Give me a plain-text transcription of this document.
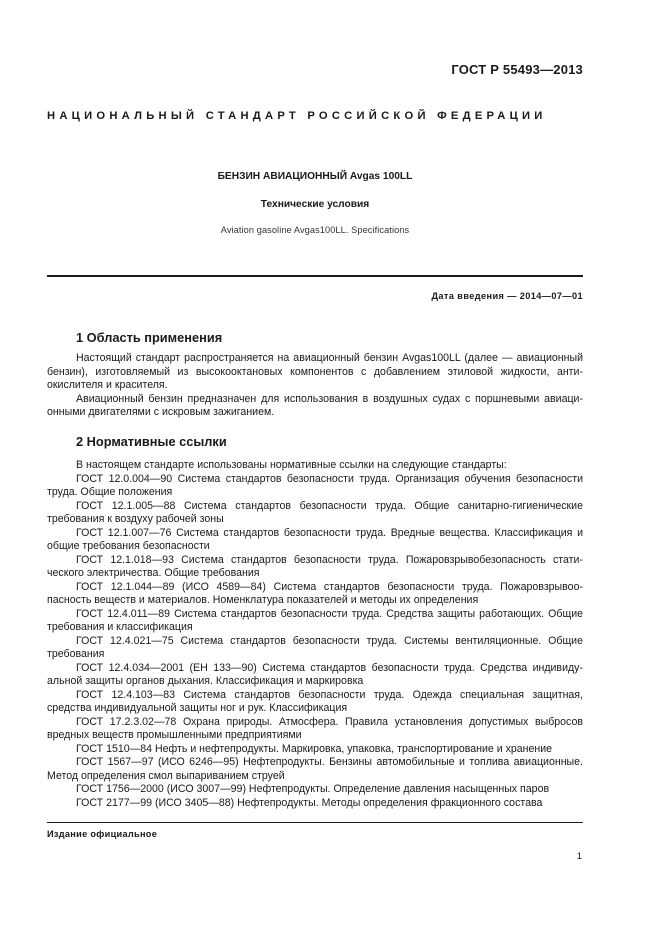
ГОСТ Р 55493—2013
НАЦИОНАЛЬНЫЙ СТАНДАРТ РОССИЙСКОЙ ФЕДЕРАЦИИ
БЕНЗИН АВИАЦИОННЫЙ Avgas 100LL
Технические условия
Aviation gasoline Avgas100LL. Specifications
Дата введения — 2014—07—01
1 Область применения

Настоящий стандарт распространяется на авиационный бензин Avgas100LL (далее — авиационный бензин), изготовляемый из высокооктановых компонентов с добавлением этиловой жидкости, антиокислителя и красителя.

Авиационный бензин предназначен для использования в воздушных судах с поршневыми авиационными двигателями с искровым зажиганием.

2 Нормативные ссылки

В настоящем стандарте использованы нормативные ссылки на следующие стандарты:

ГОСТ 12.0.004—90 Система стандартов безопасности труда. Организация обучения безопасности труда. Общие положения

ГОСТ 12.1.005—88 Система стандартов безопасности труда. Общие санитарно-гигиенические требования к воздуху рабочей зоны

ГОСТ 12.1.007—76 Система стандартов безопасности труда. Вредные вещества. Классификация и общие требования безопасности

ГОСТ 12.1.018—93 Система стандартов безопасности труда. Пожаровзрывобезопасность статического электричества. Общие требования

ГОСТ 12.1.044—89 (ИСО 4589—84) Система стандартов безопасности труда. Пожаровзрывоопасность веществ и материалов. Номенклатура показателей и методы их определения

ГОСТ 12.4.011—89 Система стандартов безопасности труда. Средства защиты работающих. Общие требования и классификация

ГОСТ 12.4.021—75 Система стандартов безопасности труда. Системы вентиляционные. Общие требования

ГОСТ 12.4.034—2001 (ЕН 133—90) Система стандартов безопасности труда. Средства индивидуальной защиты органов дыхания. Классификация и маркировка

ГОСТ 12.4.103—83 Система стандартов безопасности труда. Одежда специальная защитная, средства индивидуальной защиты ног и рук. Классификация

ГОСТ 17.2.3.02—78 Охрана природы. Атмосфера. Правила установления допустимых выбросов вредных веществ промышленными предприятиями

ГОСТ 1510—84 Нефть и нефтепродукты. Маркировка, упаковка, транспортирование и хранение

ГОСТ 1567—97 (ИСО 6246—95) Нефтепродукты. Бензины автомобильные и топлива авиационные. Метод определения смол выпариванием струей

ГОСТ 1756—2000 (ИСО 3007—99) Нефтепродукты. Определение давления насыщенных паров

ГОСТ 2177—99 (ИСО 3405—88) Нефтепродукты. Методы определения фракционного состава

Издание официальное
1
